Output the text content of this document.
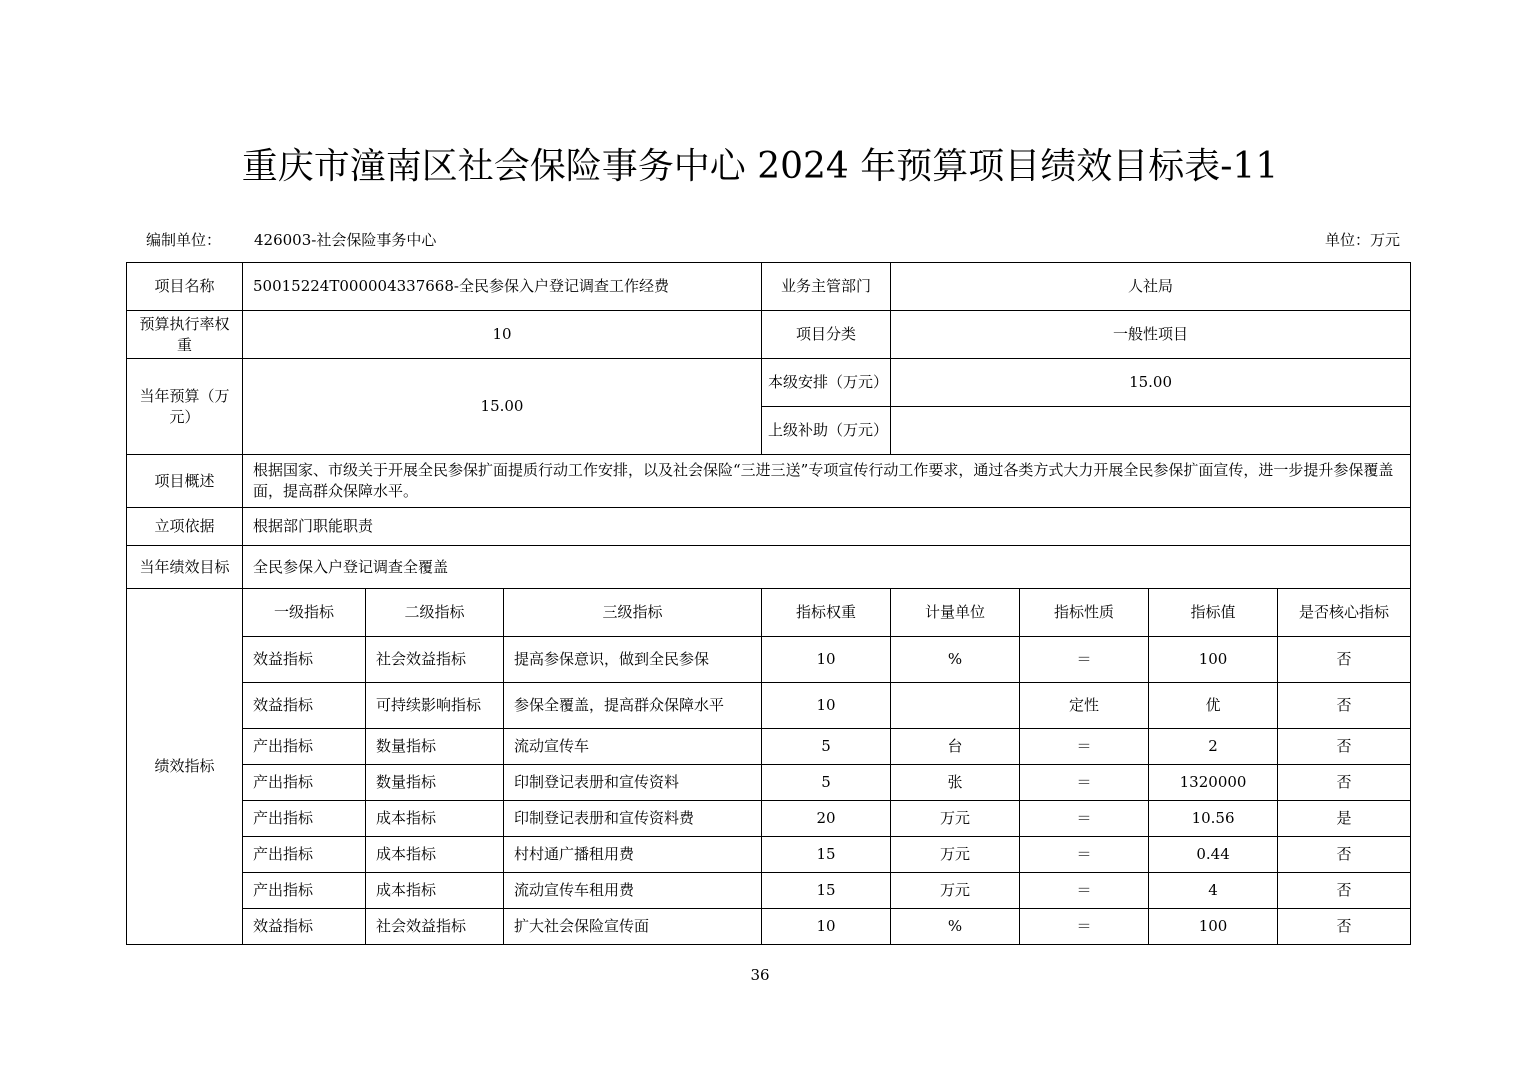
重庆市潼南区社会保险事务中心 2024 年预算项目绩效目标表-11
编制单位： 426003-社会保险事务中心	单位：万元
项目名称	50015224T000004337668-全民参保入户登记调查工作经费			业务主管部门	人社局			
预算执行率权重	10			项目分类	一般性项目			
当年预算（万元）	15.00			本级安排（万元）	15.00			
				上级补助（万元）				
项目概述	根据国家、市级关于开展全民参保扩面提质行动工作安排，以及社会保险“三进三送”专项宣传行动工作要求，通过各类方式大力开展全民参保扩面宣传，进一步提升参保覆盖面，提高群众保障水平。							
立项依据	根据部门职能职责							
当年绩效目标	全民参保入户登记调查全覆盖							
绩效指标	一级指标	二级指标	三级指标	指标权重	计量单位	指标性质	指标值	是否核心指标
	效益指标	社会效益指标	提高参保意识，做到全民参保	10	%	＝	100	否
	效益指标	可持续影响指标	参保全覆盖，提高群众保障水平	10		定性	优	否
	产出指标	数量指标	流动宣传车	5	台	＝	2	否
	产出指标	数量指标	印制登记表册和宣传资料	5	张	＝	1320000	否
	产出指标	成本指标	印制登记表册和宣传资料费	20	万元	＝	10.56	是
	产出指标	成本指标	村村通广播租用费	15	万元	＝	0.44	否
	产出指标	成本指标	流动宣传车租用费	15	万元	＝	4	否
	效益指标	社会效益指标	扩大社会保险宣传面	10	%	＝	100	否
36
